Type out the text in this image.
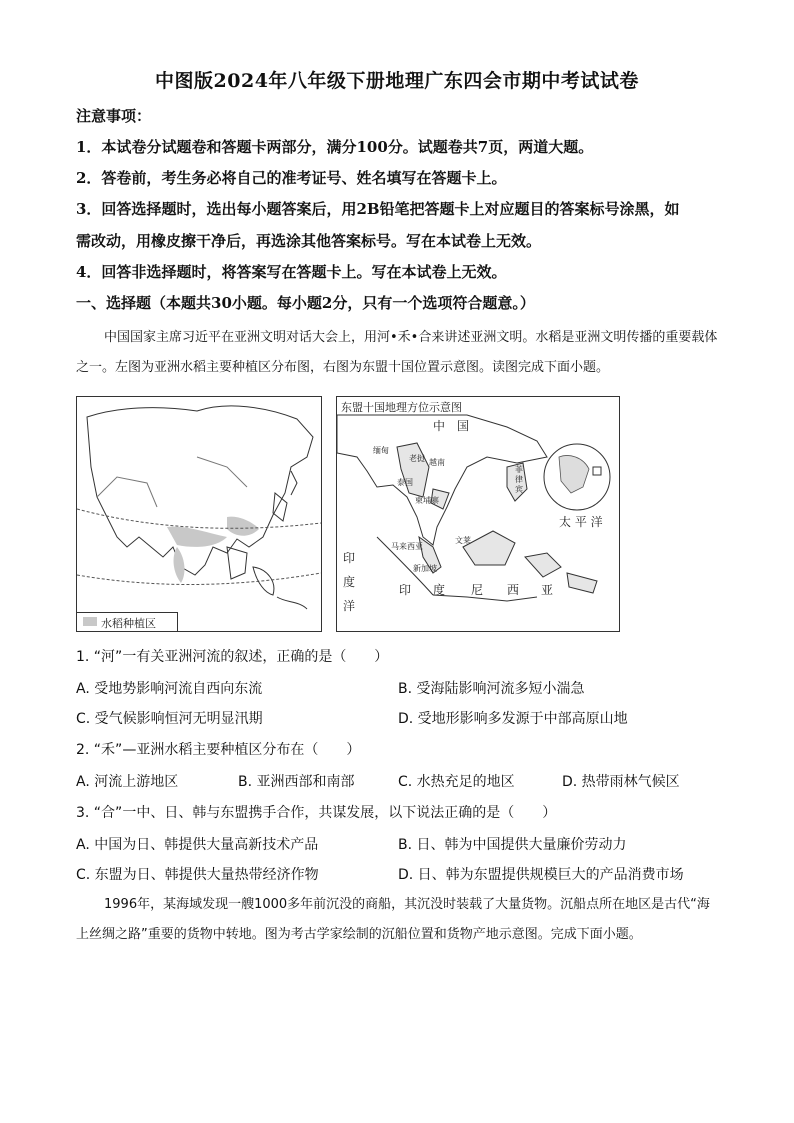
中图版2024年八年级下册地理广东四会市期中考试试卷
注意事项：
1．本试卷分试题卷和答题卡两部分，满分100分。试题卷共7页，两道大题。
2．答卷前，考生务必将自己的准考证号、姓名填写在答题卡上。
3．回答选择题时，选出每小题答案后，用2B铅笔把答题卡上对应题目的答案标号涂黑，如
需改动，用橡皮擦干净后，再选涂其他答案标号。写在本试卷上无效。
4．回答非选择题时，将答案写在答题卡上。写在本试卷上无效。
一、选择题（本题共30小题。每小题2分，只有一个选项符合题意。）
中国国家主席习近平在亚洲文明对话大会上，用河•禾•合来讲述亚洲文明。水稻是亚洲文明传播的重要载体之一。左图为亚洲水稻主要种植区分布图，右图为东盟十国位置示意图。读图完成下面小题。
水稻种植区
东盟十国地理方位示意图
中　国
缅甸
老挝 越南
泰国
柬埔寨
菲律宾
马来西亚
文莱
新加坡
太 平 洋
印
度
洋
印 度 尼 西 亚
1. “河”一有关亚洲河流的叙述，正确的是（　　）
A. 受地势影响河流自西向东流	B. 受海陆影响河流多短小湍急
C. 受气候影响恒河无明显汛期	D. 受地形影响多发源于中部高原山地
2. “禾”—亚洲水稻主要种植区分布在（　　）
A. 河流上游地区	B. 亚洲西部和南部	C. 水热充足的地区	D. 热带雨林气候区
3. “合”一中、日、韩与东盟携手合作，共谋发展，以下说法正确的是（　　）
A. 中国为日、韩提供大量高新技术产品	B. 日、韩为中国提供大量廉价劳动力
C. 东盟为日、韩提供大量热带经济作物	D. 日、韩为东盟提供规模巨大的产品消费市场
1996年，某海域发现一艘1000多年前沉没的商船，其沉没时装载了大量货物。沉船点所在地区是古代“海上丝绸之路”重要的货物中转地。图为考古学家绘制的沉船位置和货物产地示意图。完成下面小题。
